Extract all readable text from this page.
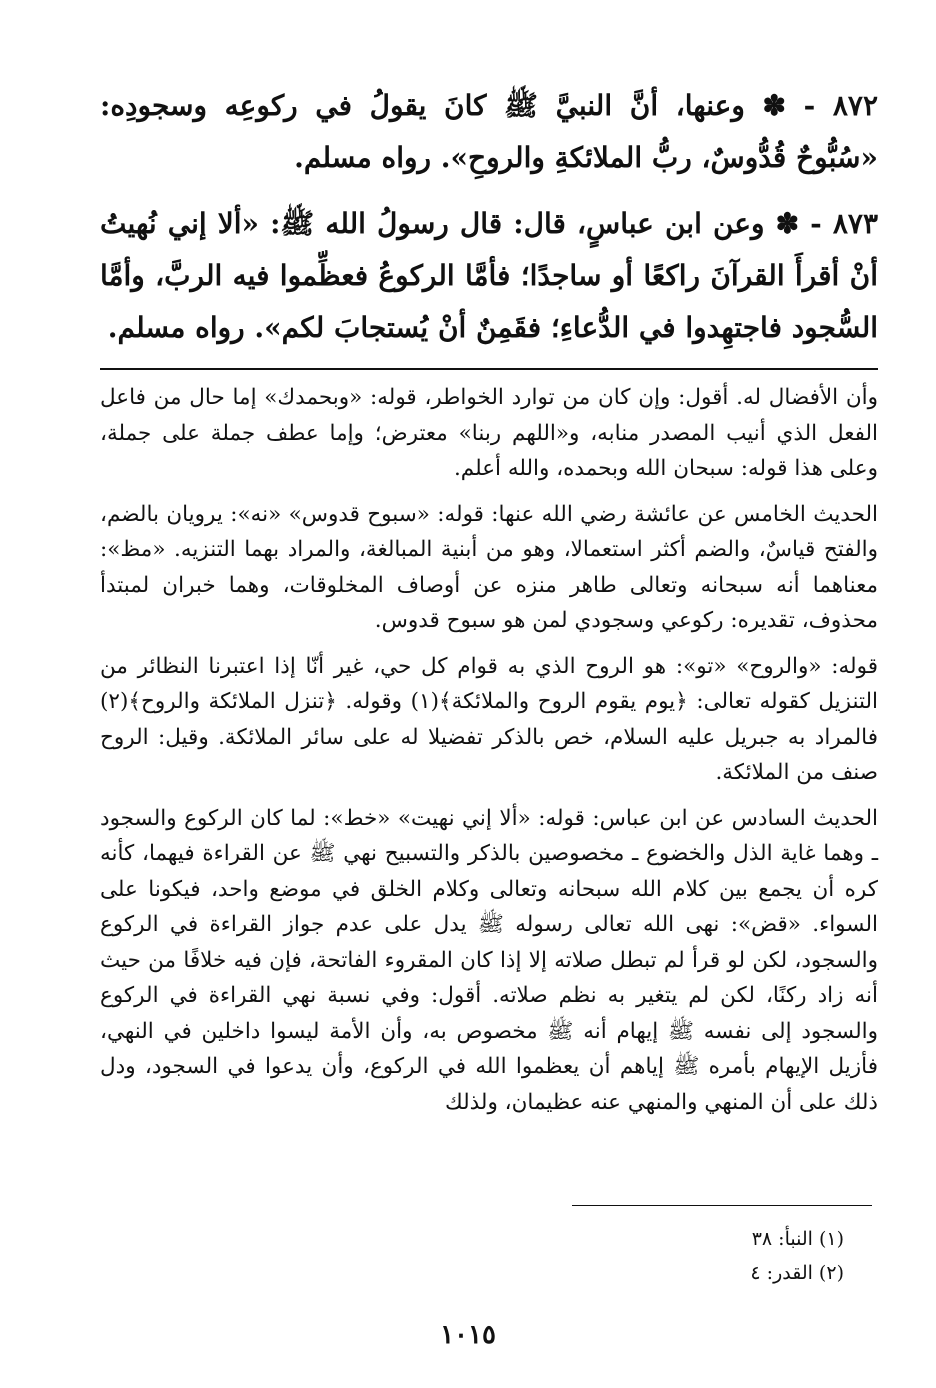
٨٧٢ - ✽ وعنها، أنَّ النبيَّ ﷺ كانَ يقولُ في ركوعِه وسجودِه: «سُبُّوحٌ قُدُّوسٌ، ربُّ الملائكةِ والروحِ». رواه مسلم.

٨٧٣ - ✽ وعن ابن عباسٍ، قال: قال رسولُ الله ﷺ: «ألا إني نُهيتُ أنْ أقرأَ القرآنَ راكعًا أو ساجدًا؛ فأمَّا الركوعُ فعظِّموا فيه الربَّ، وأمَّا السُّجود فاجتهِدوا في الدُّعاءِ؛ فقَمِنٌ أنْ يُستجابَ لكم». رواه مسلم.

وأن الأفضال له. أقول: وإن كان من توارد الخواطر، قوله: «وبحمدك» إما حال من فاعل الفعل الذي أنيب المصدر منابه، و«اللهم ربنا» معترض؛ وإما عطف جملة على جملة، وعلى هذا قوله: سبحان الله وبحمده، والله أعلم.

الحديث الخامس عن عائشة رضي الله عنها: قوله: «سبوح قدوس» «نه»: يرويان بالضم، والفتح قياسٌ، والضم أكثر استعمالا، وهو من أبنية المبالغة، والمراد بهما التنزيه. «مظ»: معناهما أنه سبحانه وتعالى طاهر منزه عن أوصاف المخلوقات، وهما خبران لمبتدأ محذوف، تقديره: ركوعي وسجودي لمن هو سبوح قدوس.

قوله: «والروح» «تو»: هو الروح الذي به قوام كل حي، غير أنّا إذا اعتبرنا النظائر من التنزيل كقوله تعالى: ﴿يوم يقوم الروح والملائكة﴾(١) وقوله. ﴿تنزل الملائكة والروح﴾(٢) فالمراد به جبريل عليه السلام، خص بالذكر تفضيلا له على سائر الملائكة. وقيل: الروح صنف من الملائكة.

الحديث السادس عن ابن عباس: قوله: «ألا إني نهيت» «خط»: لما كان الركوع والسجود ـ وهما غاية الذل والخضوع ـ مخصوصين بالذكر والتسبيح نهي ﷺ عن القراءة فيهما، كأنه كره أن يجمع بين كلام الله سبحانه وتعالى وكلام الخلق في موضع واحد، فيكونا على السواء. «قض»: نهى الله تعالى رسوله ﷺ يدل على عدم جواز القراءة في الركوع والسجود، لكن لو قرأ لم تبطل صلاته إلا إذا كان المقروء الفاتحة، فإن فيه خلافًا من حيث أنه زاد ركنًا، لكن لم يتغير به نظم صلاته. أقول: وفي نسبة نهي القراءة في الركوع والسجود إلى نفسه ﷺ إيهام أنه ﷺ مخصوص به، وأن الأمة ليسوا داخلين في النهي، فأزيل الإيهام بأمره ﷺ إياهم أن يعظموا الله في الركوع، وأن يدعوا في السجود، ودل ذلك على أن المنهي والمنهي عنه عظيمان، ولذلك

(١) النبأ: ٣٨

(٢) القدر: ٤

١٠١٥
